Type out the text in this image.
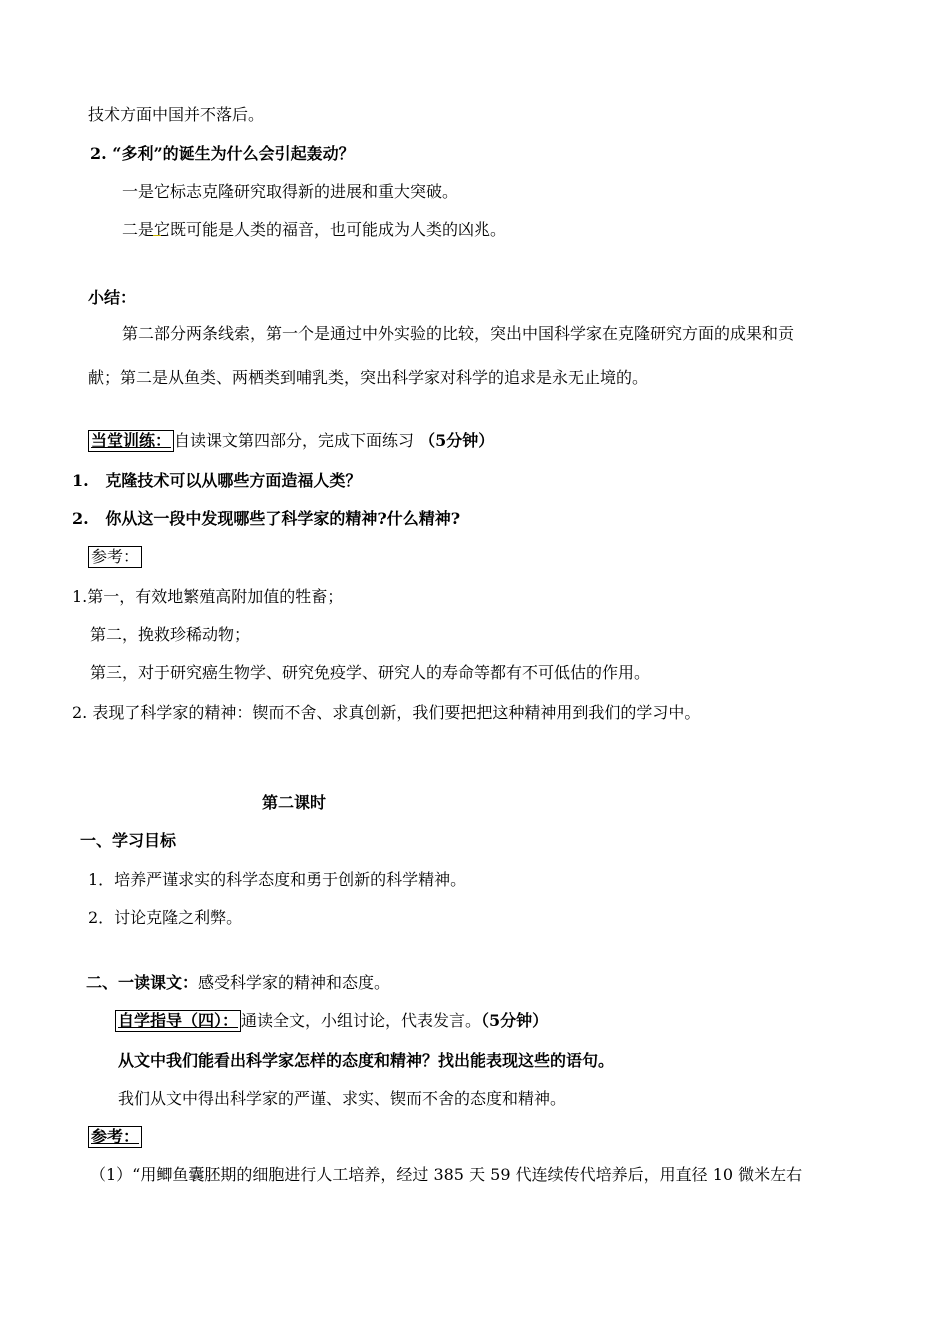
技术方面中国并不落后。
2. “多利”的诞生为什么会引起轰动？
一是它标志克隆研究取得新的进展和重大突破。
二是它既可能是人类的福音，也可能成为人类的凶兆。
小结：
第二部分两条线索，第一个是通过中外实验的比较，突出中国科学家在克隆研究方面的成果和贡
献；第二是从鱼类、两栖类到哺乳类，突出科学家对科学的追求是永无止境的。
当堂训练： 自读课文第四部分，完成下面练习 （5分钟）
1. 克隆技术可以从哪些方面造福人类？
2. 你从这一段中发现哪些了科学家的精神?什么精神?
参考：
1.第一，有效地繁殖高附加值的牲畜；
第二，挽救珍稀动物；
第三，对于研究癌生物学、研究免疫学、研究人的寿命等都有不可低估的作用。
2. 表现了科学家的精神：锲而不舍、求真创新，我们要把把这种精神用到我们的学习中。
第二课时
一、学习目标
1．培养严谨求实的科学态度和勇于创新的科学精神。
2．讨论克隆之利弊。
二、一读课文：感受科学家的精神和态度。
自学指导（四）： 通读全文，小组讨论，代表发言。（5分钟）
从文中我们能看出科学家怎样的态度和精神？找出能表现这些的语句。
我们从文中得出科学家的严谨、求实、锲而不舍的态度和精神。
参考：
（1）“用鲫鱼囊胚期的细胞进行人工培养，经过 385 天 59 代连续传代培养后，用直径 10 微米左右
